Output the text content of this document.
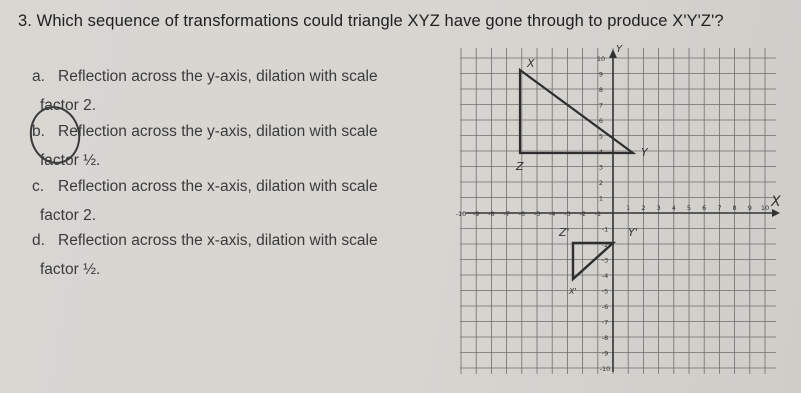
3. Which sequence of transformations could triangle XYZ have gone through to produce X'Y'Z'?
a. Reflection across the y-axis, dilation with scale
factor 2.
b. Reflection across the y-axis, dilation with scale
factor ½.
c. Reflection across the x-axis, dilation with scale
factor 2.
d. Reflection across the x-axis, dilation with scale
factor ½.
Y
X
-10 -9 -8 -7 -6 -5 -4 -3 -2 -1
1 2 3 4 5 6 7 8 9 10
10
9
8
7
6
5
4
3
2
1
-1
-2
-3
-4
-5
-6
-7
-8
-9
-10
X
Y
Z
Z'	Y'
X'
